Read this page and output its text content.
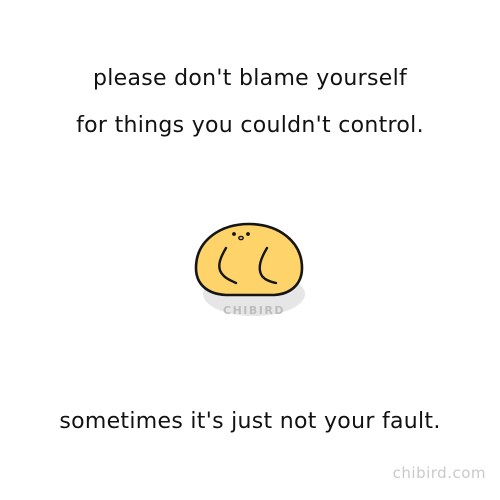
please don't blame yourself
for things you couldn't control.
CHIBIRD
sometimes it's just not your fault.
chibird.com
